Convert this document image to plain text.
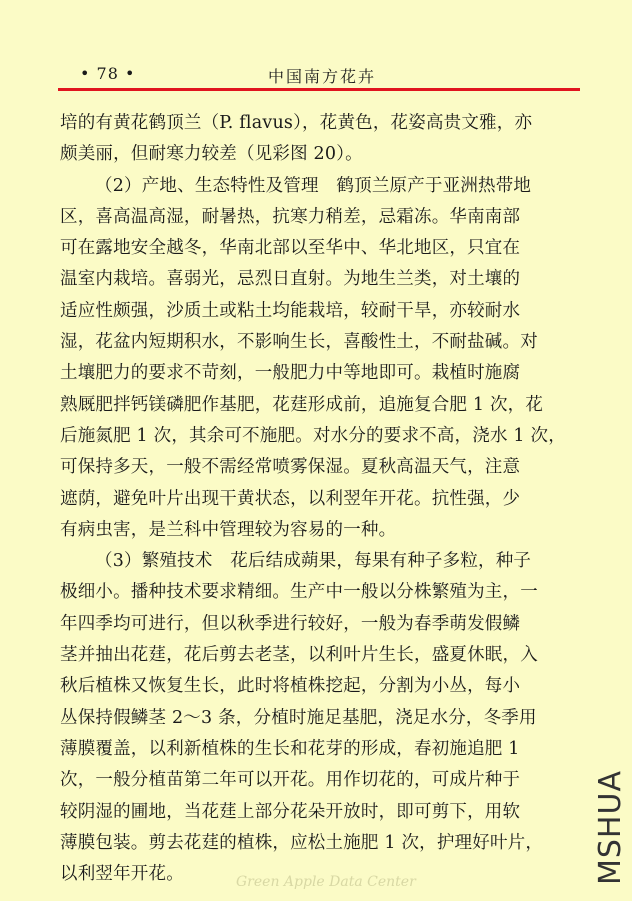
• 78 •	中国南方花卉
培的有黄花鹤顶兰（P. flavus），花黄色，花姿高贵文雅，亦
颇美丽，但耐寒力较差（见彩图 20）。
（2）产地、生态特性及管理　鹤顶兰原产于亚洲热带地
区，喜高温高湿，耐暑热，抗寒力稍差，忌霜冻。华南南部
可在露地安全越冬，华南北部以至华中、华北地区，只宜在
温室内栽培。喜弱光，忌烈日直射。为地生兰类，对土壤的
适应性颇强，沙质土或粘土均能栽培，较耐干旱，亦较耐水
湿，花盆内短期积水，不影响生长，喜酸性土，不耐盐碱。对
土壤肥力的要求不苛刻，一般肥力中等地即可。栽植时施腐
熟厩肥拌钙镁磷肥作基肥，花莛形成前，追施复合肥 1 次，花
后施氮肥 1 次，其余可不施肥。对水分的要求不高，浇水 1 次，
可保持多天，一般不需经常喷雾保湿。夏秋高温天气，注意
遮荫，避免叶片出现干黄状态，以利翌年开花。抗性强，少
有病虫害，是兰科中管理较为容易的一种。
（3）繁殖技术　花后结成蒴果，每果有种子多粒，种子
极细小。播种技术要求精细。生产中一般以分株繁殖为主，一
年四季均可进行，但以秋季进行较好，一般为春季萌发假鳞
茎并抽出花莛，花后剪去老茎，以利叶片生长，盛夏休眠，入
秋后植株又恢复生长，此时将植株挖起，分割为小丛，每小
丛保持假鳞茎 2～3 条，分植时施足基肥，浇足水分，冬季用
薄膜覆盖，以利新植株的生长和花芽的形成，春初施追肥 1
次，一般分植苗第二年可以开花。用作切花的，可成片种于
较阴湿的圃地，当花莛上部分花朵开放时，即可剪下，用软
薄膜包装。剪去花莛的植株，应松土施肥 1 次，护理好叶片，
以利翌年开花。	MSHUA
Green Apple Data Center
